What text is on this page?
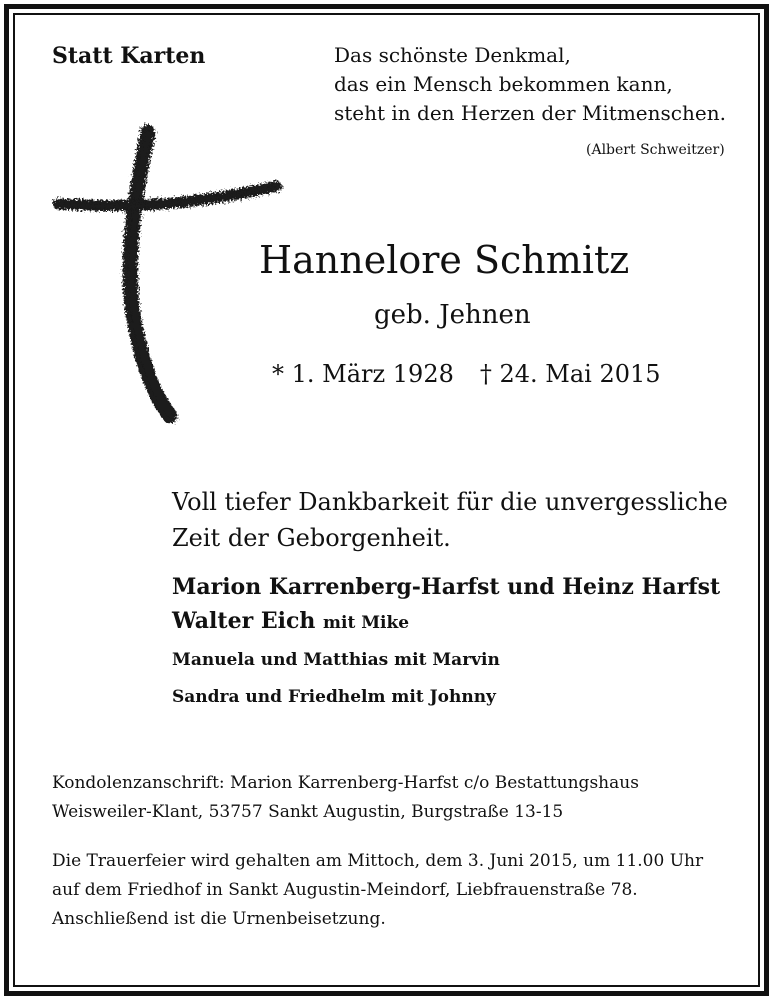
Statt Karten	Das schönste Denkmal,
das ein Mensch bekommen kann,
steht in den Herzen der Mitmenschen.
(Albert Schweitzer)
Hannelore Schmitz
geb. Jehnen
* 1. März 1928 † 24. Mai 2015
Voll tiefer Dankbarkeit für die unvergessliche
Zeit der Geborgenheit.
Marion Karrenberg-Harfst und Heinz Harfst
Walter Eich mit Mike
Manuela und Matthias mit Marvin
Sandra und Friedhelm mit Johnny
Kondolenzanschrift: Marion Karrenberg-Harfst c/o Bestattungshaus
Weisweiler-Klant, 53757 Sankt Augustin, Burgstraße 13-15
Die Trauerfeier wird gehalten am Mittoch, dem 3. Juni 2015, um 11.00 Uhr
auf dem Friedhof in Sankt Augustin-Meindorf, Liebfrauenstraße 78.
Anschließend ist die Urnenbeisetzung.
